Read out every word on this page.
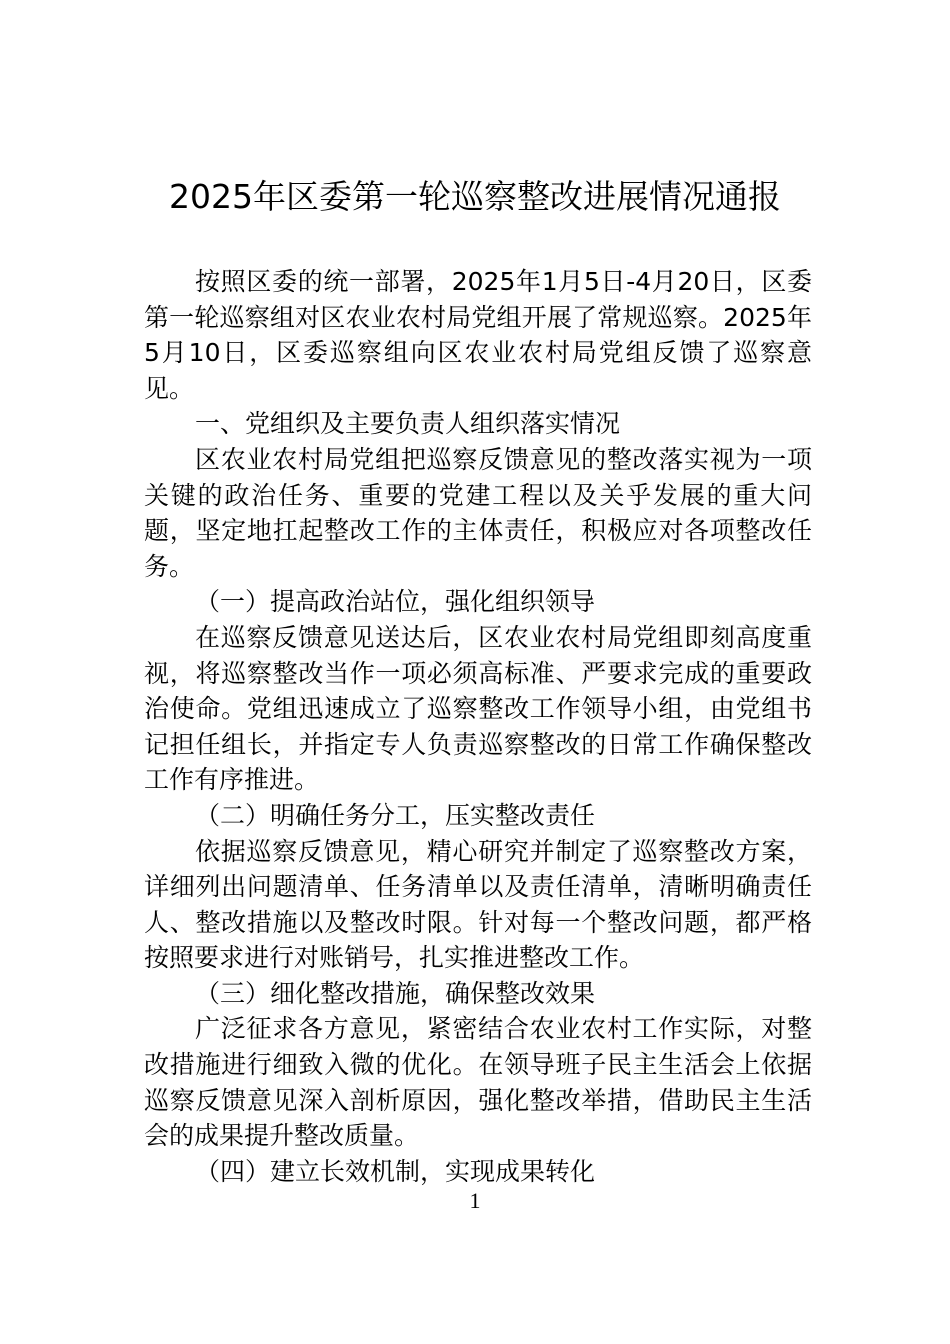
2025年区委第一轮巡察整改进展情况通报

按照区委的统一部署，2025年1月5日-4月20日，区委第一轮巡察组对区农业农村局党组开展了常规巡察。2025年5月10日，区委巡察组向区农业农村局党组反馈了巡察意见。

一、党组织及主要负责人组织落实情况

区农业农村局党组把巡察反馈意见的整改落实视为一项关键的政治任务、重要的党建工程以及关乎发展的重大问题，坚定地扛起整改工作的主体责任，积极应对各项整改任务。

（一）提高政治站位，强化组织领导

在巡察反馈意见送达后，区农业农村局党组即刻高度重视，将巡察整改当作一项必须高标准、严要求完成的重要政治使命。党组迅速成立了巡察整改工作领导小组，由党组书记担任组长，并指定专人负责巡察整改的日常工作确保整改工作有序推进。

（二）明确任务分工，压实整改责任

依据巡察反馈意见，精心研究并制定了巡察整改方案，详细列出问题清单、任务清单以及责任清单，清晰明确责任人、整改措施以及整改时限。针对每一个整改问题，都严格按照要求进行对账销号，扎实推进整改工作。

（三）细化整改措施，确保整改效果

广泛征求各方意见，紧密结合农业农村工作实际，对整改措施进行细致入微的优化。在领导班子民主生活会上依据巡察反馈意见深入剖析原因，强化整改举措，借助民主生活会的成果提升整改质量。

（四）建立长效机制，实现成果转化

1
